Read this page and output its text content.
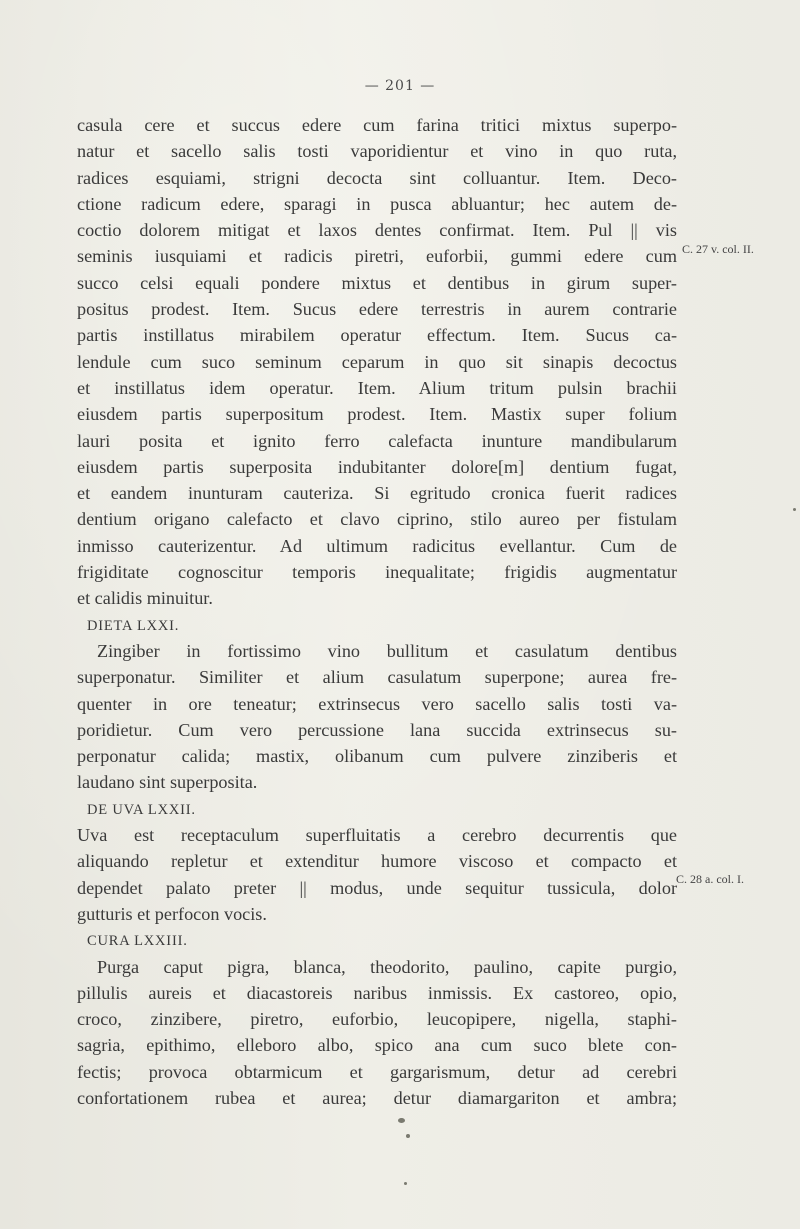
— 201 —
casula cere et succus edere cum farina tritici mixtus superpo-
natur et sacello salis tosti vaporidientur et vino in quo ruta,
radices esquiami, strigni decocta sint colluantur. Item. Deco-
ctione radicum edere, sparagi in pusca abluantur; hec autem de-
coctio dolorem mitigat et laxos dentes confirmat. Item. Pul || vis
seminis iusquiami et radicis piretri, euforbii, gummi edere cum
succo celsi equali pondere mixtus et dentibus in girum super-
positus prodest. Item. Sucus edere terrestris in aurem contrarie
partis instillatus mirabilem operatur effectum. Item. Sucus ca-
lendule cum suco seminum ceparum in quo sit sinapis decoctus
et instillatus idem operatur. Item. Alium tritum pulsin brachii
eiusdem partis superpositum prodest. Item. Mastix super folium
lauri posita et ignito ferro calefacta inunture mandibularum
eiusdem partis superposita indubitanter dolore[m] dentium fugat,
et eandem inunturam cauteriza. Si egritudo cronica fuerit radices
dentium origano calefacto et clavo ciprino, stilo aureo per fistulam
inmisso cauterizentur. Ad ultimum radicitus evellantur. Cum de
frigiditate cognoscitur temporis inequalitate; frigidis augmentatur
et calidis minuitur.
DIETA LXXI.
Zingiber in fortissimo vino bullitum et casulatum dentibus
superponatur. Similiter et alium casulatum superpone; aurea fre-
quenter in ore teneatur; extrinsecus vero sacello salis tosti va-
poridietur. Cum vero percussione lana succida extrinsecus su-
perponatur calida; mastix, olibanum cum pulvere zinziberis et
laudano sint superposita.
DE UVA LXXII.
Uva est receptaculum superfluitatis a cerebro decurrentis que
aliquando repletur et extenditur humore viscoso et compacto et
dependet palato preter || modus, unde sequitur tussicula, dolor
gutturis et perfocon vocis.
CURA LXXIII.
Purga caput pigra, blanca, theodorito, paulino, capite purgio,
pillulis aureis et diacastoreis naribus inmissis. Ex castoreo, opio,
croco, zinzibere, piretro, euforbio, leucopipere, nigella, staphi-
sagria, epithimo, elleboro albo, spico ana cum suco blete con-
fectis; provoca obtarmicum et gargarismum, detur ad cerebri
confortationem rubea et aurea; detur diamargariton et ambra;
C. 27 v. col. II.
C. 28 a. col. I.
